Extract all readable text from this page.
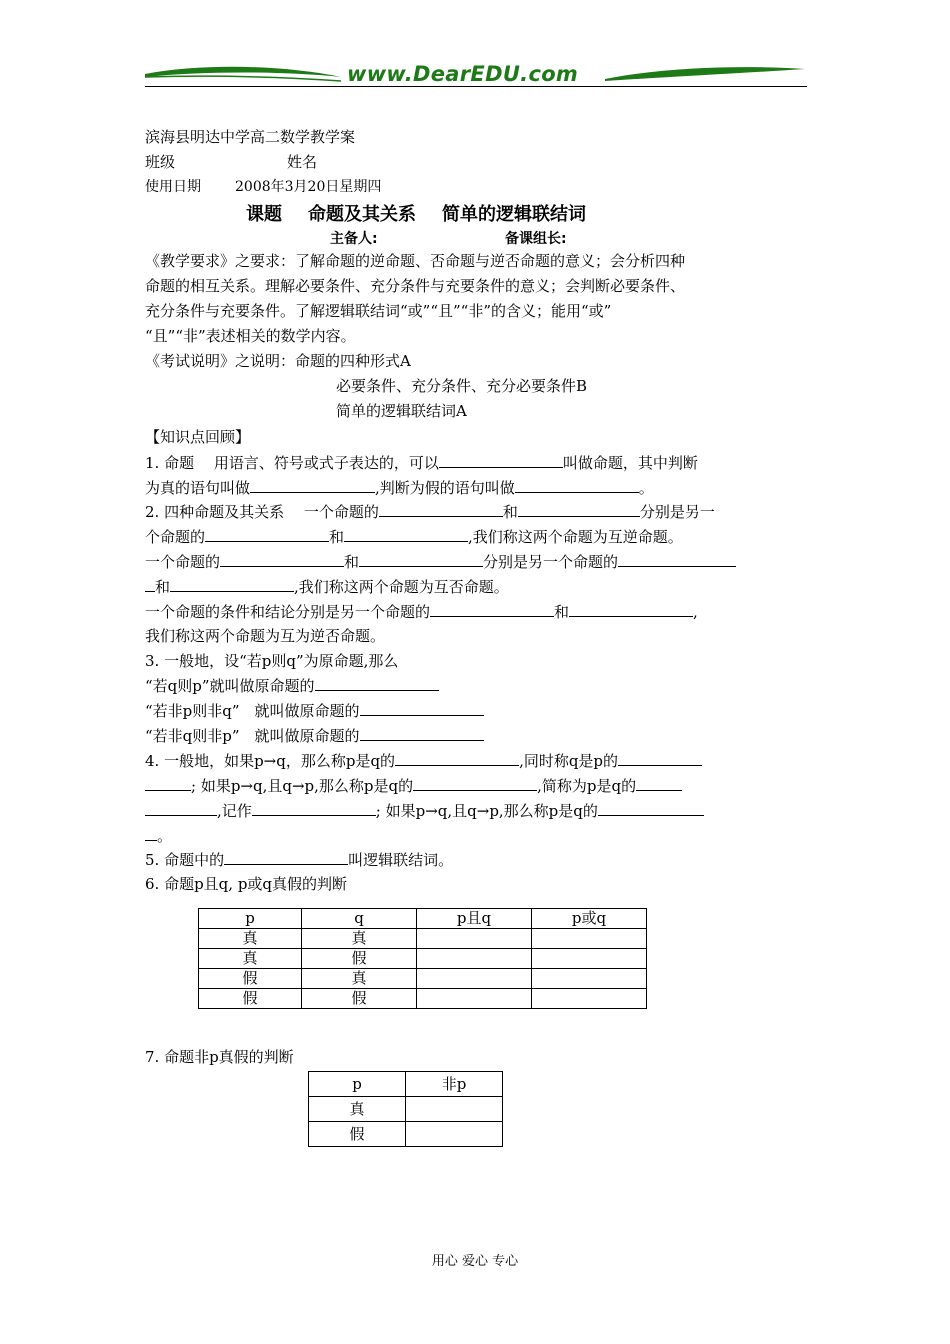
www.DearEDU.com
滨海县明达中学高二数学教学案
班级	姓名
使用日期 2008年3月20日星期四
课题 命题及其关系 简单的逻辑联结词
主备人:	备课组长:
《教学要求》之要求：了解命题的逆命题、否命题与逆否命题的意义；会分析四种
命题的相互关系。理解必要条件、充分条件与充要条件的意义；会判断必要条件、
充分条件与充要条件。了解逻辑联结词“或”“且”“非”的含义；能用“或”
“且”“非”表述相关的数学内容。
《考试说明》之说明：命题的四种形式A
必要条件、充分条件、充分必要条件B
简单的逻辑联结词A
【知识点回顾】
1. 命题　 用语言、符号或式子表达的，可以	叫做命题，其中判断
为真的语句叫做	,判断为假的语句叫做	。
2. 四种命题及其关系　 一个命题的	和	分别是另一
个命题的	和	,我们称这两个命题为互逆命题。
一个命题的	和	分别是另一个命题的
和	,我们称这两个命题为互否命题。
一个命题的条件和结论分别是另一个命题的	和	,
我们称这两个命题为互为逆否命题。
3. 一般地，设“若p则q”为原命题,那么
“若q则p”就叫做原命题的
“若非p则非q”　就叫做原命题的
“若非q则非p”　就叫做原命题的
4. 一般地，如果p→q，那么称p是q的	,同时称q是p的
; 如果p→q,且q→p,那么称p是q的	,简称为p是q的
,记作	; 如果p→q,且q→p,那么称p是q的
。
5. 命题中的	叫逻辑联结词。
6. 命题p且q, p或q真假的判断
p	q	p且q	p或q
真	真		
真	假		
假	真		
假	假		
7. 命题非p真假的判断
p	非p
真	
假	
用心 爱心 专心
